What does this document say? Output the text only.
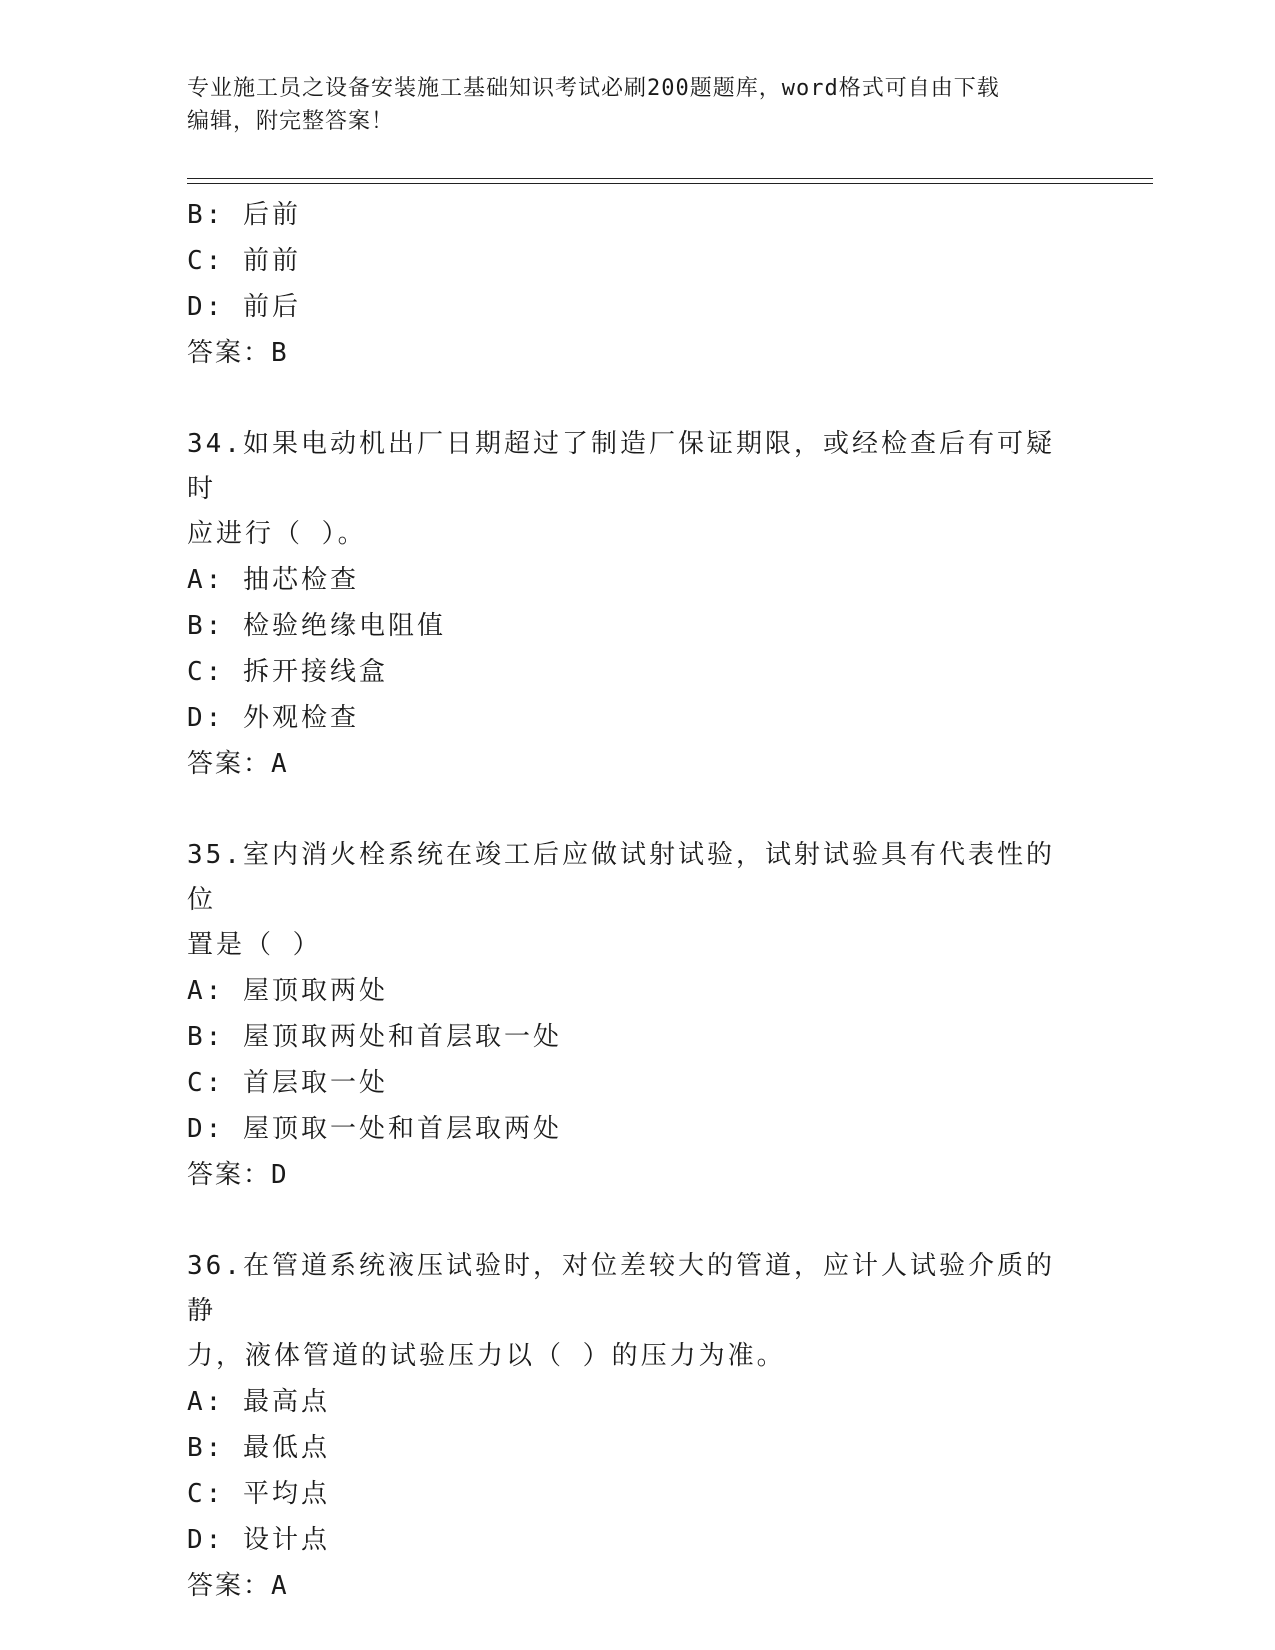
专业施工员之设备安装施工基础知识考试必刷200题题库，word格式可自由下载
编辑，附完整答案！
B: 后前
C: 前前
D: 前后
答案：B
34.如果电动机出厂日期超过了制造厂保证期限，或经检查后有可疑时
应进行（ ）。
A: 抽芯检查
B: 检验绝缘电阻值
C: 拆开接线盒
D: 外观检查
答案：A
35.室内消火栓系统在竣工后应做试射试验，试射试验具有代表性的位
置是（ ）
A: 屋顶取两处
B: 屋顶取两处和首层取一处
C: 首层取一处
D: 屋顶取一处和首层取两处
答案：D
36.在管道系统液压试验时，对位差较大的管道，应计人试验介质的静
力，液体管道的试验压力以（ ）的压力为准。
A: 最高点
B: 最低点
C: 平均点
D: 设计点
答案：A
